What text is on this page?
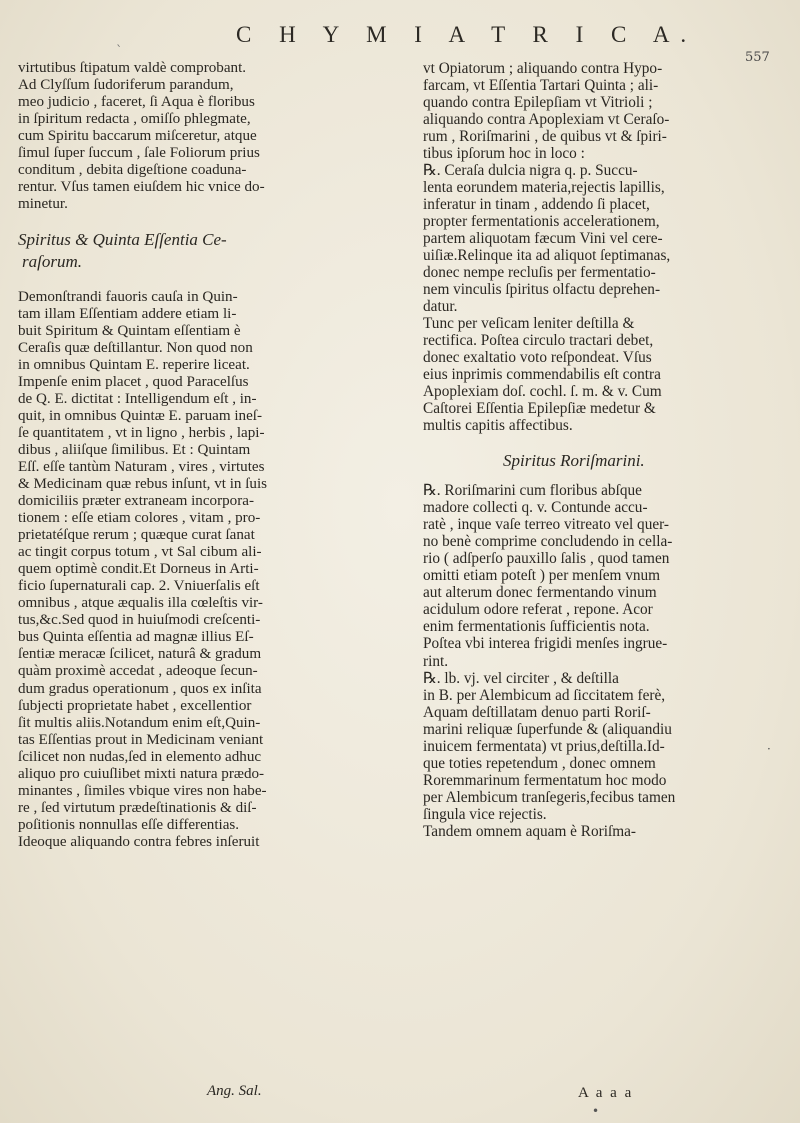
`
C H Y M I A T R I C A.
557
virtutibus ſtipatum valdè comprobant.
Ad Clyſſum ſudoriferum parandum,
meo judicio , faceret, ſi Aqua è floribus
in ſpiritum redacta , omiſſo phlegmate,
cum Spiritu baccarum miſceretur, atque
ſimul ſuper ſuccum , ſale Foliorum prius
conditum , debita digeſtione coaduna-
rentur. Vſus tamen eiuſdem hic vnice do-
minetur.
Spiritus & Quinta Eſſentia Ce-
raſorum.
Demonſtrandi fauoris cauſa in Quin-
tam illam Eſſentiam addere etiam li-
buit Spiritum & Quintam eſſentiam è
Ceraſis quæ deſtillantur. Non quod non
in omnibus Quintam E. reperire liceat.
Impenſe enim placet , quod Paracelſus
de Q. E. dictitat : Intelligendum eſt , in-
quit, in omnibus Quintæ E. paruam ineſ-
ſe quantitatem , vt in ligno , herbis , lapi-
dibus , aliiſque ſimilibus. Et : Quintam
Eſſ. eſſe tantùm Naturam , vires , virtutes
& Medicinam quæ rebus inſunt, vt in ſuis
domiciliis præter extraneam incorpora-
tionem : eſſe etiam colores , vitam , pro-
prietatéſque rerum ; quæque curat ſanat
ac tingit corpus totum , vt Sal cibum ali-
quem optimè condit.Et Dorneus in Arti-
ficio ſupernaturali cap. 2. Vniuerſalis eſt
omnibus , atque æqualis illa cœleſtis vir-
tus,&c.Sed quod in huiuſmodi creſcenti-
bus Quinta eſſentia ad magnæ illius Eſ-
ſentiæ meracæ ſcilicet, naturâ & gradum
quàm proximè accedat , adeoque ſecun-
dum gradus operationum , quos ex inſita
ſubjecti proprietate habet , excellentior
ſit multis aliis.Notandum enim eſt,Quin-
tas Eſſentias prout in Medicinam veniant
ſcilicet non nudas,ſed in elemento adhuc
aliquo pro cuiuſlibet mixti natura prædo-
minantes , ſimiles vbique vires non habe-
re , ſed virtutum prædeſtinationis & diſ-
poſitionis nonnullas eſſe differentias.
Ideoque aliquando contra febres inſeruit
vt Opiatorum ; aliquando contra Hypo-
farcam, vt Eſſentia Tartari Quinta ; ali-
quando contra Epilepſiam vt Vitrioli ;
aliquando contra Apoplexiam vt Ceraſo-
rum , Roriſmarini , de quibus vt & ſpiri-
tibus ipſorum hoc in loco :
℞. Ceraſa dulcia nigra q. p. Succu-
lenta eorundem materia,rejectis lapillis,
inferatur in tinam , addendo ſi placet,
propter fermentationis accelerationem,
partem aliquotam fæcum Vini vel cere-
uiſiæ.Relinque ita ad aliquot ſeptimanas,
donec nempe recluſis per fermentatio-
nem vinculis ſpiritus olfactu deprehen-
datur.
Tunc per veſicam leniter deſtilla &
rectifica. Poſtea circulo tractari debet,
donec exaltatio voto reſpondeat. Vſus
eius inprimis commendabilis eſt contra
Apoplexiam doſ. cochl. ſ. m. & v. Cum
Caſtorei Eſſentia Epilepſiæ medetur &
multis capitis affectibus.
Spiritus Roriſmarini.
℞. Roriſmarini cum floribus abſque
madore collecti q. v. Contunde accu-
ratè , inque vaſe terreo vitreato vel quer-
no benè comprime concludendo in cella-
rio ( adſperſo pauxillo ſalis , quod tamen
omitti etiam poteſt ) per menſem vnum
aut alterum donec fermentando vinum
acidulum odore referat , repone. Acor
enim fermentationis ſufficientis nota.
Poſtea vbi interea frigidi menſes ingrue-
rint.
℞. lb. vj. vel circiter , & deſtilla
in B. per Alembicum ad ſiccitatem ferè,
Aquam deſtillatam denuo parti Roriſ-
marini reliquæ ſuperfunde & (aliquandiu
inuicem fermentata) vt prius,deſtilla.Id-
que toties repetendum , donec omnem
Roremmarinum fermentatum hoc modo
per Alembicum tranſegeris,fecibus tamen
ſingula vice rejectis.
Tandem omnem aquam è Roriſma-
Ang. Sal.	A a a a
·
•
